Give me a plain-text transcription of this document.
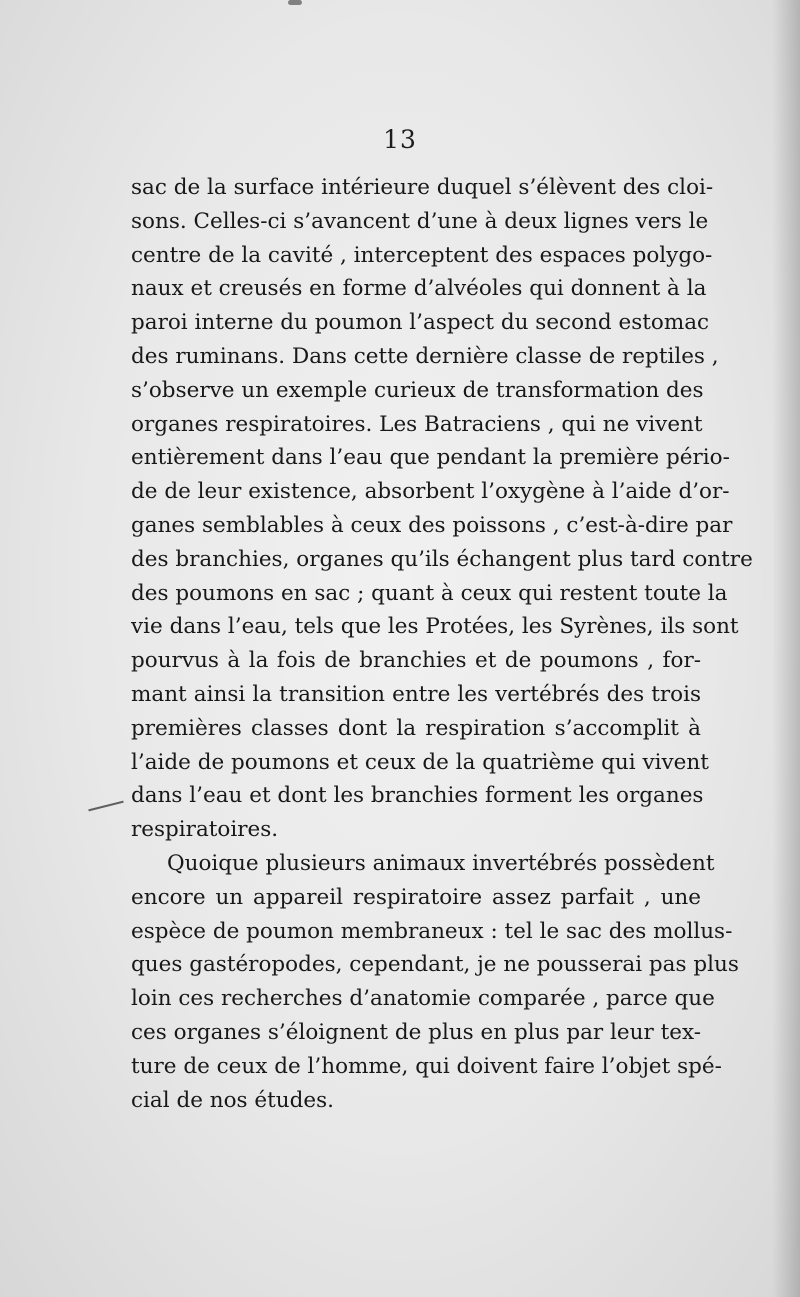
13
sac de la surface intérieure duquel s’élèvent des cloi-
sons. Celles-ci s’avancent d’une à deux lignes vers le
centre de la cavité , interceptent des espaces polygo-
naux et creusés en forme d’alvéoles qui donnent à la
paroi interne du poumon l’aspect du second estomac
des ruminans. Dans cette dernière classe de reptiles ,
s’observe un exemple curieux de transformation des
organes respiratoires. Les Batraciens , qui ne vivent
entièrement dans l’eau que pendant la première pério-
de de leur existence, absorbent l’oxygène à l’aide d’or-
ganes semblables à ceux des poissons , c’est-à-dire par
des branchies, organes qu’ils échangent plus tard contre
des poumons en sac ; quant à ceux qui restent toute la
vie dans l’eau, tels que les Protées, les Syrènes, ils sont
pourvus à la fois de branchies et de poumons , for-
mant ainsi la transition entre les vertébrés des trois
premières classes dont la respiration s’accomplit à
l’aide de poumons et ceux de la quatrième qui vivent
dans l’eau et dont les branchies forment les organes
respiratoires.
Quoique plusieurs animaux invertébrés possèdent
encore un appareil respiratoire assez parfait , une
espèce de poumon membraneux : tel le sac des mollus-
ques gastéropodes, cependant, je ne pousserai pas plus
loin ces recherches d’anatomie comparée , parce que
ces organes s’éloignent de plus en plus par leur tex-
ture de ceux de l’homme, qui doivent faire l’objet spé-
cial de nos études.
